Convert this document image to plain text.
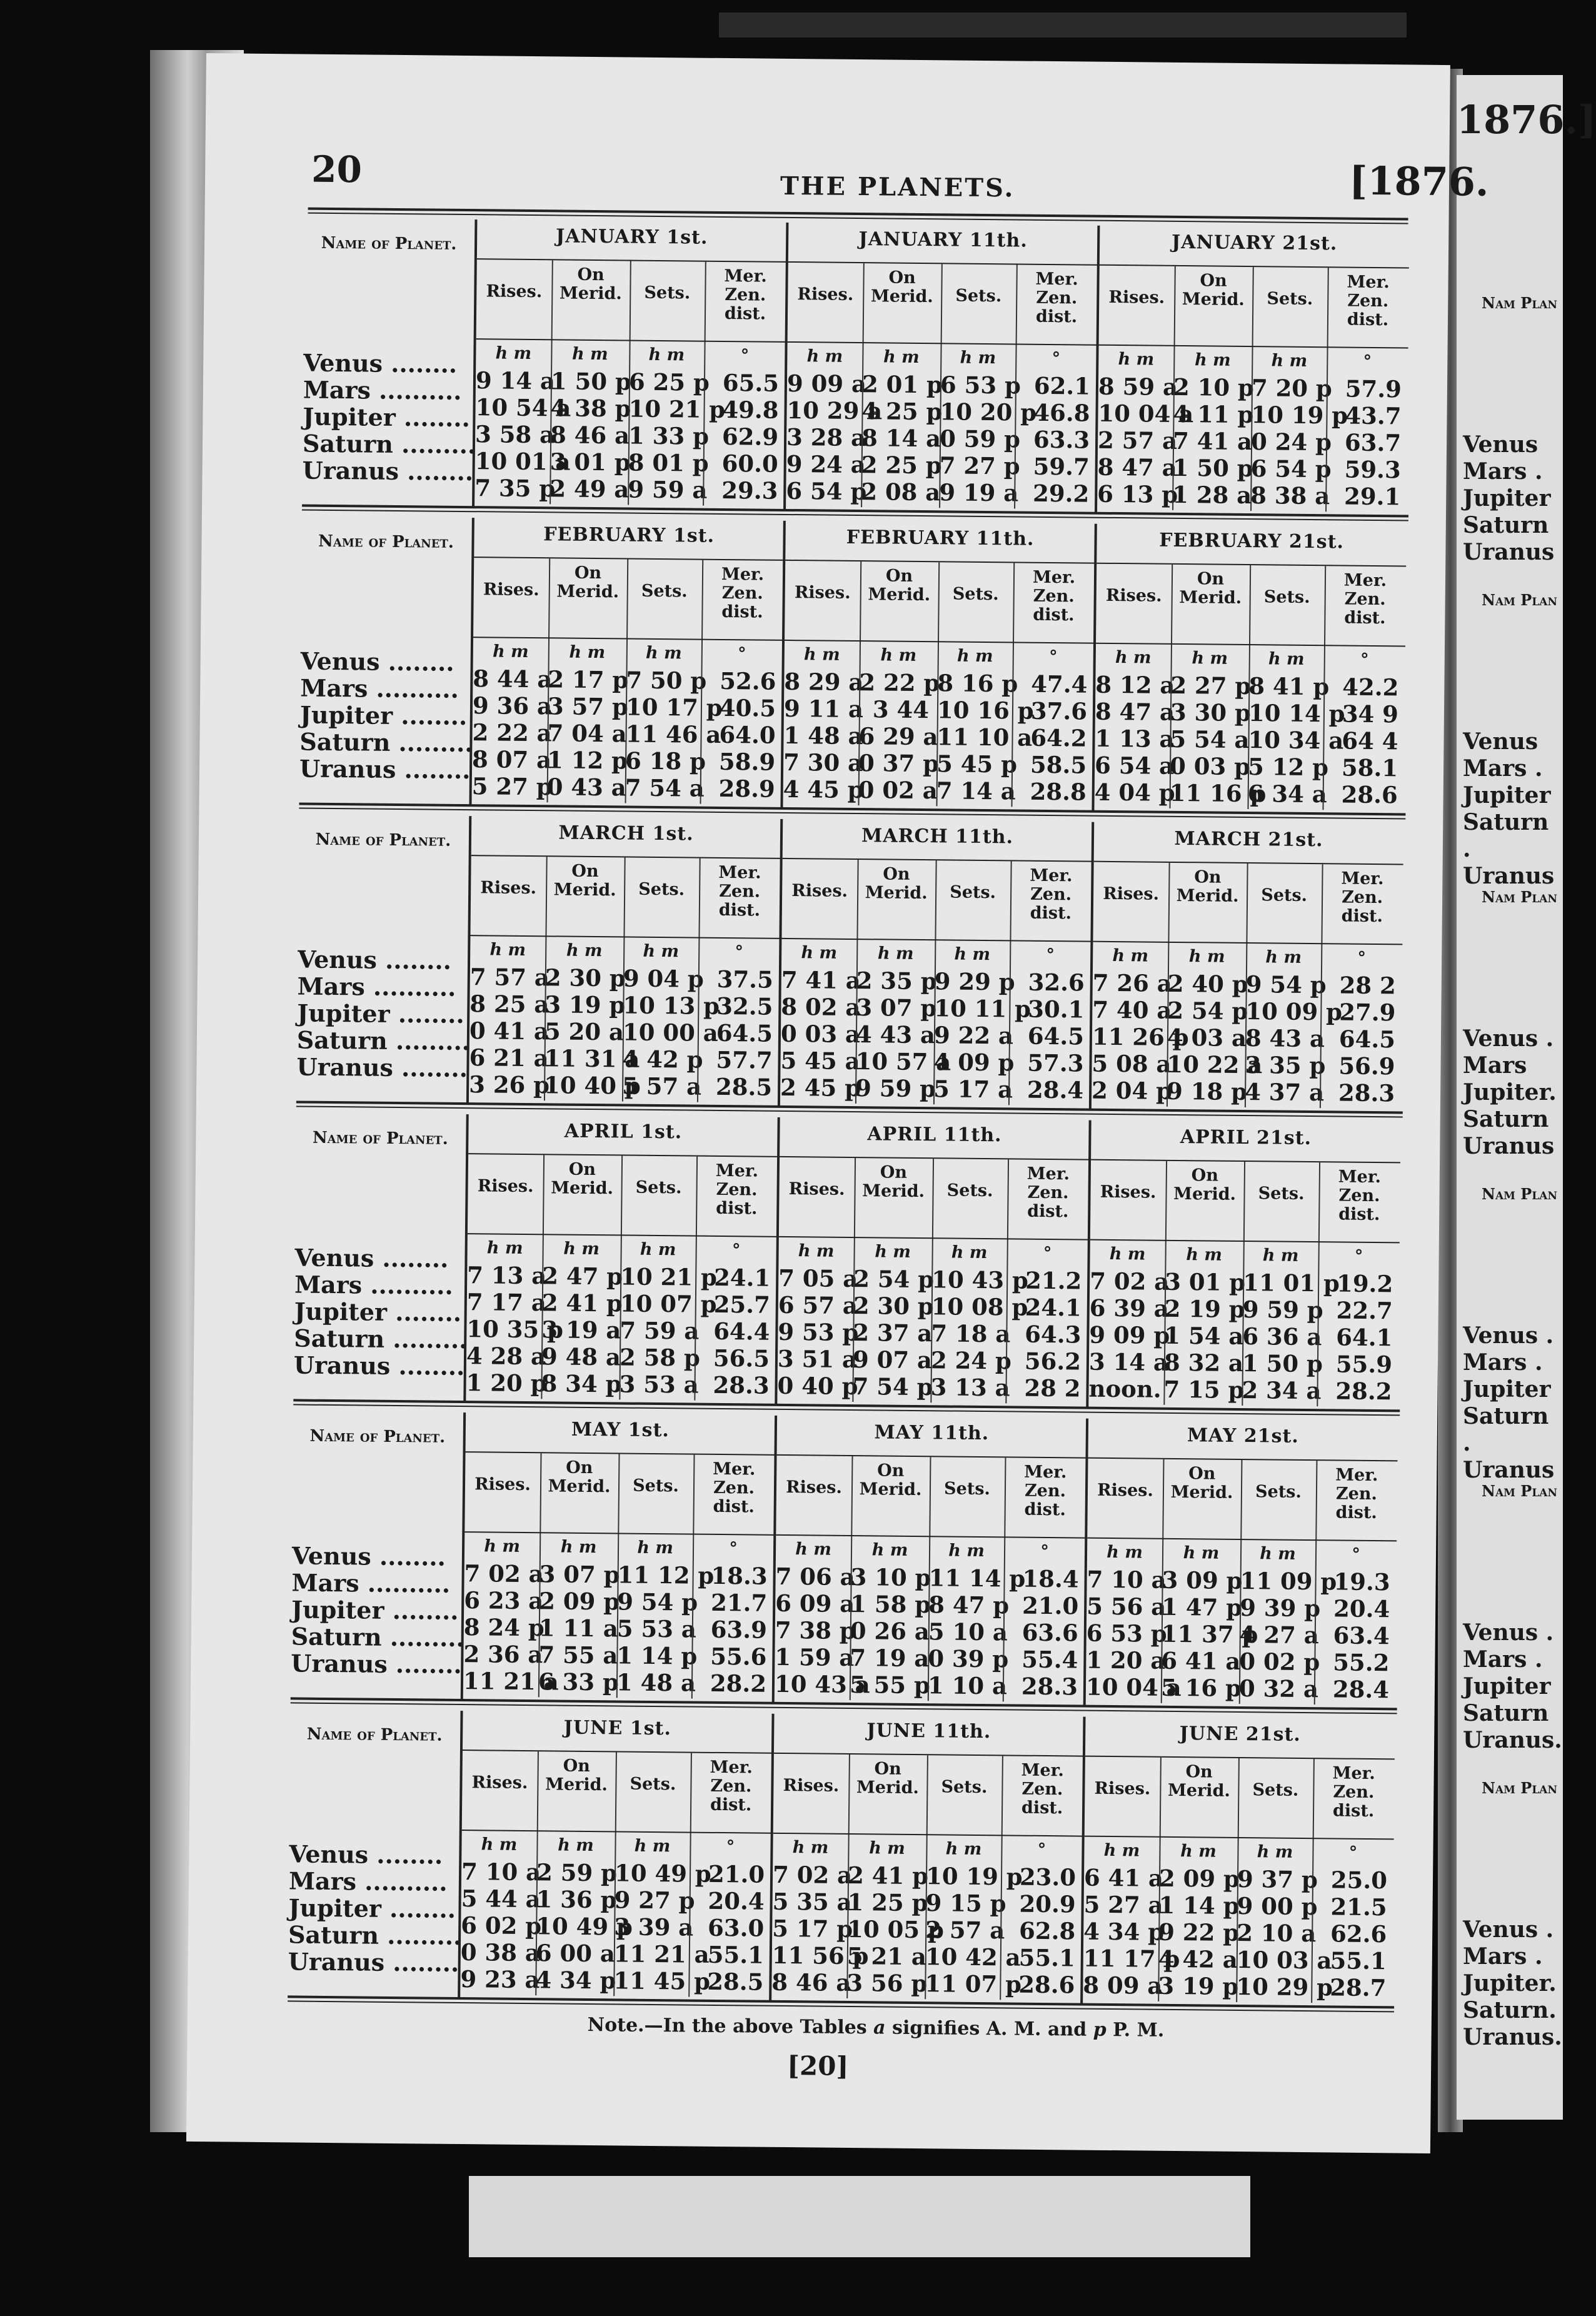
1876.]
Nam Plan
Venus
Mars .
Jupiter
Saturn
Uranus
Nam Plan
Venus
Mars .
Jupiter
Saturn .
Uranus
Nam Plan
Venus .
Mars
Jupiter.
Saturn
Uranus
Nam Plan
Venus .
Mars .
Jupiter
Saturn .
Uranus
Nam Plan
Venus .
Mars .
Jupiter
Saturn
Uranus.
Nam Plan
Venus .
Mars .
Jupiter.
Saturn.
Uranus.
20	THE PLANETS.	[1876.
Name of Planet.
Venus ........
Mars ..........
Jupiter ........
Saturn .........
Uranus ........
JANUARY 1st.
Rises.
h m
9 14 a
10 54 a
3 58 a
10 01 a
7 35 p
On Merid.
h m
1 50 p
4 38 p
8 46 a
3 01 p
2 49 a
Sets.
h m
6 25 p
10 21 p
1 33 p
8 01 p
9 59 a
Mer. Zen. dist.
°
65.5
49.8
62.9
60.0
29.3
JANUARY 11th.
Rises.
h m
9 09 a
10 29 a
3 28 a
9 24 a
6 54 p
On Merid.
h m
2 01 p
4 25 p
8 14 a
2 25 p
2 08 a
Sets.
h m
6 53 p
10 20 p
0 59 p
7 27 p
9 19 a
Mer. Zen. dist.
°
62.1
46.8
63.3
59.7
29.2
JANUARY 21st.
Rises.
h m
8 59 a
10 04 a
2 57 a
8 47 a
6 13 p
On Merid.
h m
2 10 p
4 11 p
7 41 a
1 50 p
1 28 a
Sets.
h m
7 20 p
10 19 p
0 24 p
6 54 p
8 38 a
Mer. Zen. dist.
°
57.9
43.7
63.7
59.3
29.1
Name of Planet.
Venus ........
Mars ..........
Jupiter ........
Saturn .........
Uranus ........
FEBRUARY 1st.
Rises.
h m
8 44 a
9 36 a
2 22 a
8 07 a
5 27 p
On Merid.
h m
2 17 p
3 57 p
7 04 a
1 12 p
0 43 a
Sets.
h m
7 50 p
10 17 p
11 46 a
6 18 p
7 54 a
Mer. Zen. dist.
°
52.6
40.5
64.0
58.9
28.9
FEBRUARY 11th.
Rises.
h m
8 29 a
9 11 a
1 48 a
7 30 a
4 45 p
On Merid.
h m
2 22 p
3 44
6 29 a
0 37 p
0 02 a
Sets.
h m
8 16 p
10 16 p
11 10 a
5 45 p
7 14 a
Mer. Zen. dist.
°
47.4
37.6
64.2
58.5
28.8
FEBRUARY 21st.
Rises.
h m
8 12 a
8 47 a
1 13 a
6 54 a
4 04 p
On Merid.
h m
2 27 p
3 30 p
5 54 a
0 03 p
11 16 p
Sets.
h m
8 41 p
10 14 p
10 34 a
5 12 p
6 34 a
Mer. Zen. dist.
°
42.2
34 9
64 4
58.1
28.6
Name of Planet.
Venus ........
Mars ..........
Jupiter ........
Saturn .........
Uranus ........
MARCH 1st.
Rises.
h m
7 57 a
8 25 a
0 41 a
6 21 a
3 26 p
On Merid.
h m
2 30 p
3 19 p
5 20 a
11 31 a
10 40 p
Sets.
h m
9 04 p
10 13 p
10 00 a
4 42 p
5 57 a
Mer. Zen. dist.
°
37.5
32.5
64.5
57.7
28.5
MARCH 11th.
Rises.
h m
7 41 a
8 02 a
0 03 a
5 45 a
2 45 p
On Merid.
h m
2 35 p
3 07 p
4 43 a
10 57 a
9 59 p
Sets.
h m
9 29 p
10 11 p
9 22 a
4 09 p
5 17 a
Mer. Zen. dist.
°
32.6
30.1
64.5
57.3
28.4
MARCH 21st.
Rises.
h m
7 26 a
7 40 a
11 26 p
5 08 a
2 04 p
On Merid.
h m
2 40 p
2 54 p
4 03 a
10 22 a
9 18 p
Sets.
h m
9 54 p
10 09 p
8 43 a
3 35 p
4 37 a
Mer. Zen. dist.
°
28 2
27.9
64.5
56.9
28.3
Name of Planet.
Venus ........
Mars ..........
Jupiter ........
Saturn .........
Uranus ........
APRIL 1st.
Rises.
h m
7 13 a
7 17 a
10 35 p
4 28 a
1 20 p
On Merid.
h m
2 47 p
2 41 p
3 19 a
9 48 a
8 34 p
Sets.
h m
10 21 p
10 07 p
7 59 a
2 58 p
3 53 a
Mer. Zen. dist.
°
24.1
25.7
64.4
56.5
28.3
APRIL 11th.
Rises.
h m
7 05 a
6 57 a
9 53 p
3 51 a
0 40 p
On Merid.
h m
2 54 p
2 30 p
2 37 a
9 07 a
7 54 p
Sets.
h m
10 43 p
10 08 p
7 18 a
2 24 p
3 13 a
Mer. Zen. dist.
°
21.2
24.1
64.3
56.2
28 2
APRIL 21st.
Rises.
h m
7 02 a
6 39 a
9 09 p
3 14 a
noon.
On Merid.
h m
3 01 p
2 19 p
1 54 a
8 32 a
7 15 p
Sets.
h m
11 01 p
9 59 p
6 36 a
1 50 p
2 34 a
Mer. Zen. dist.
°
19.2
22.7
64.1
55.9
28.2
Name of Planet.
Venus ........
Mars ..........
Jupiter ........
Saturn .........
Uranus ........
MAY 1st.
Rises.
h m
7 02 a
6 23 a
8 24 p
2 36 a
11 21 a
On Merid.
h m
3 07 p
2 09 p
1 11 a
7 55 a
6 33 p
Sets.
h m
11 12 p
9 54 p
5 53 a
1 14 p
1 48 a
Mer. Zen. dist.
°
18.3
21.7
63.9
55.6
28.2
MAY 11th.
Rises.
h m
7 06 a
6 09 a
7 38 p
1 59 a
10 43 a
On Merid.
h m
3 10 p
1 58 p
0 26 a
7 19 a
5 55 p
Sets.
h m
11 14 p
8 47 p
5 10 a
0 39 p
1 10 a
Mer. Zen. dist.
°
18.4
21.0
63.6
55.4
28.3
MAY 21st.
Rises.
h m
7 10 a
5 56 a
6 53 p
1 20 a
10 04 a
On Merid.
h m
3 09 p
1 47 p
11 37 p
6 41 a
5 16 p
Sets.
h m
11 09 p
9 39 p
4 27 a
0 02 p
0 32 a
Mer. Zen. dist.
°
19.3
20.4
63.4
55.2
28.4
Name of Planet.
Venus ........
Mars ..........
Jupiter ........
Saturn .........
Uranus ........
JUNE 1st.
Rises.
h m
7 10 a
5 44 a
6 02 p
0 38 a
9 23 a
On Merid.
h m
2 59 p
1 36 p
10 49 p
6 00 a
4 34 p
Sets.
h m
10 49 p
9 27 p
3 39 a
11 21 a
11 45 p
Mer. Zen. dist.
°
21.0
20.4
63.0
55.1
28.5
JUNE 11th.
Rises.
h m
7 02 a
5 35 a
5 17 p
11 56 p
8 46 a
On Merid.
h m
2 41 p
1 25 p
10 05 p
5 21 a
3 56 p
Sets.
h m
10 19 p
9 15 p
2 57 a
10 42 a
11 07 p
Mer. Zen. dist.
°
23.0
20.9
62.8
55.1
28.6
JUNE 21st.
Rises.
h m
6 41 a
5 27 a
4 34 p
11 17 p
8 09 a
On Merid.
h m
2 09 p
1 14 p
9 22 p
4 42 a
3 19 p
Sets.
h m
9 37 p
9 00 p
2 10 a
10 03 a
10 29 p
Mer. Zen. dist.
°
25.0
21.5
62.6
55.1
28.7
Note.—In the above Tables a signifies A. M. and p P. M.
[20]
